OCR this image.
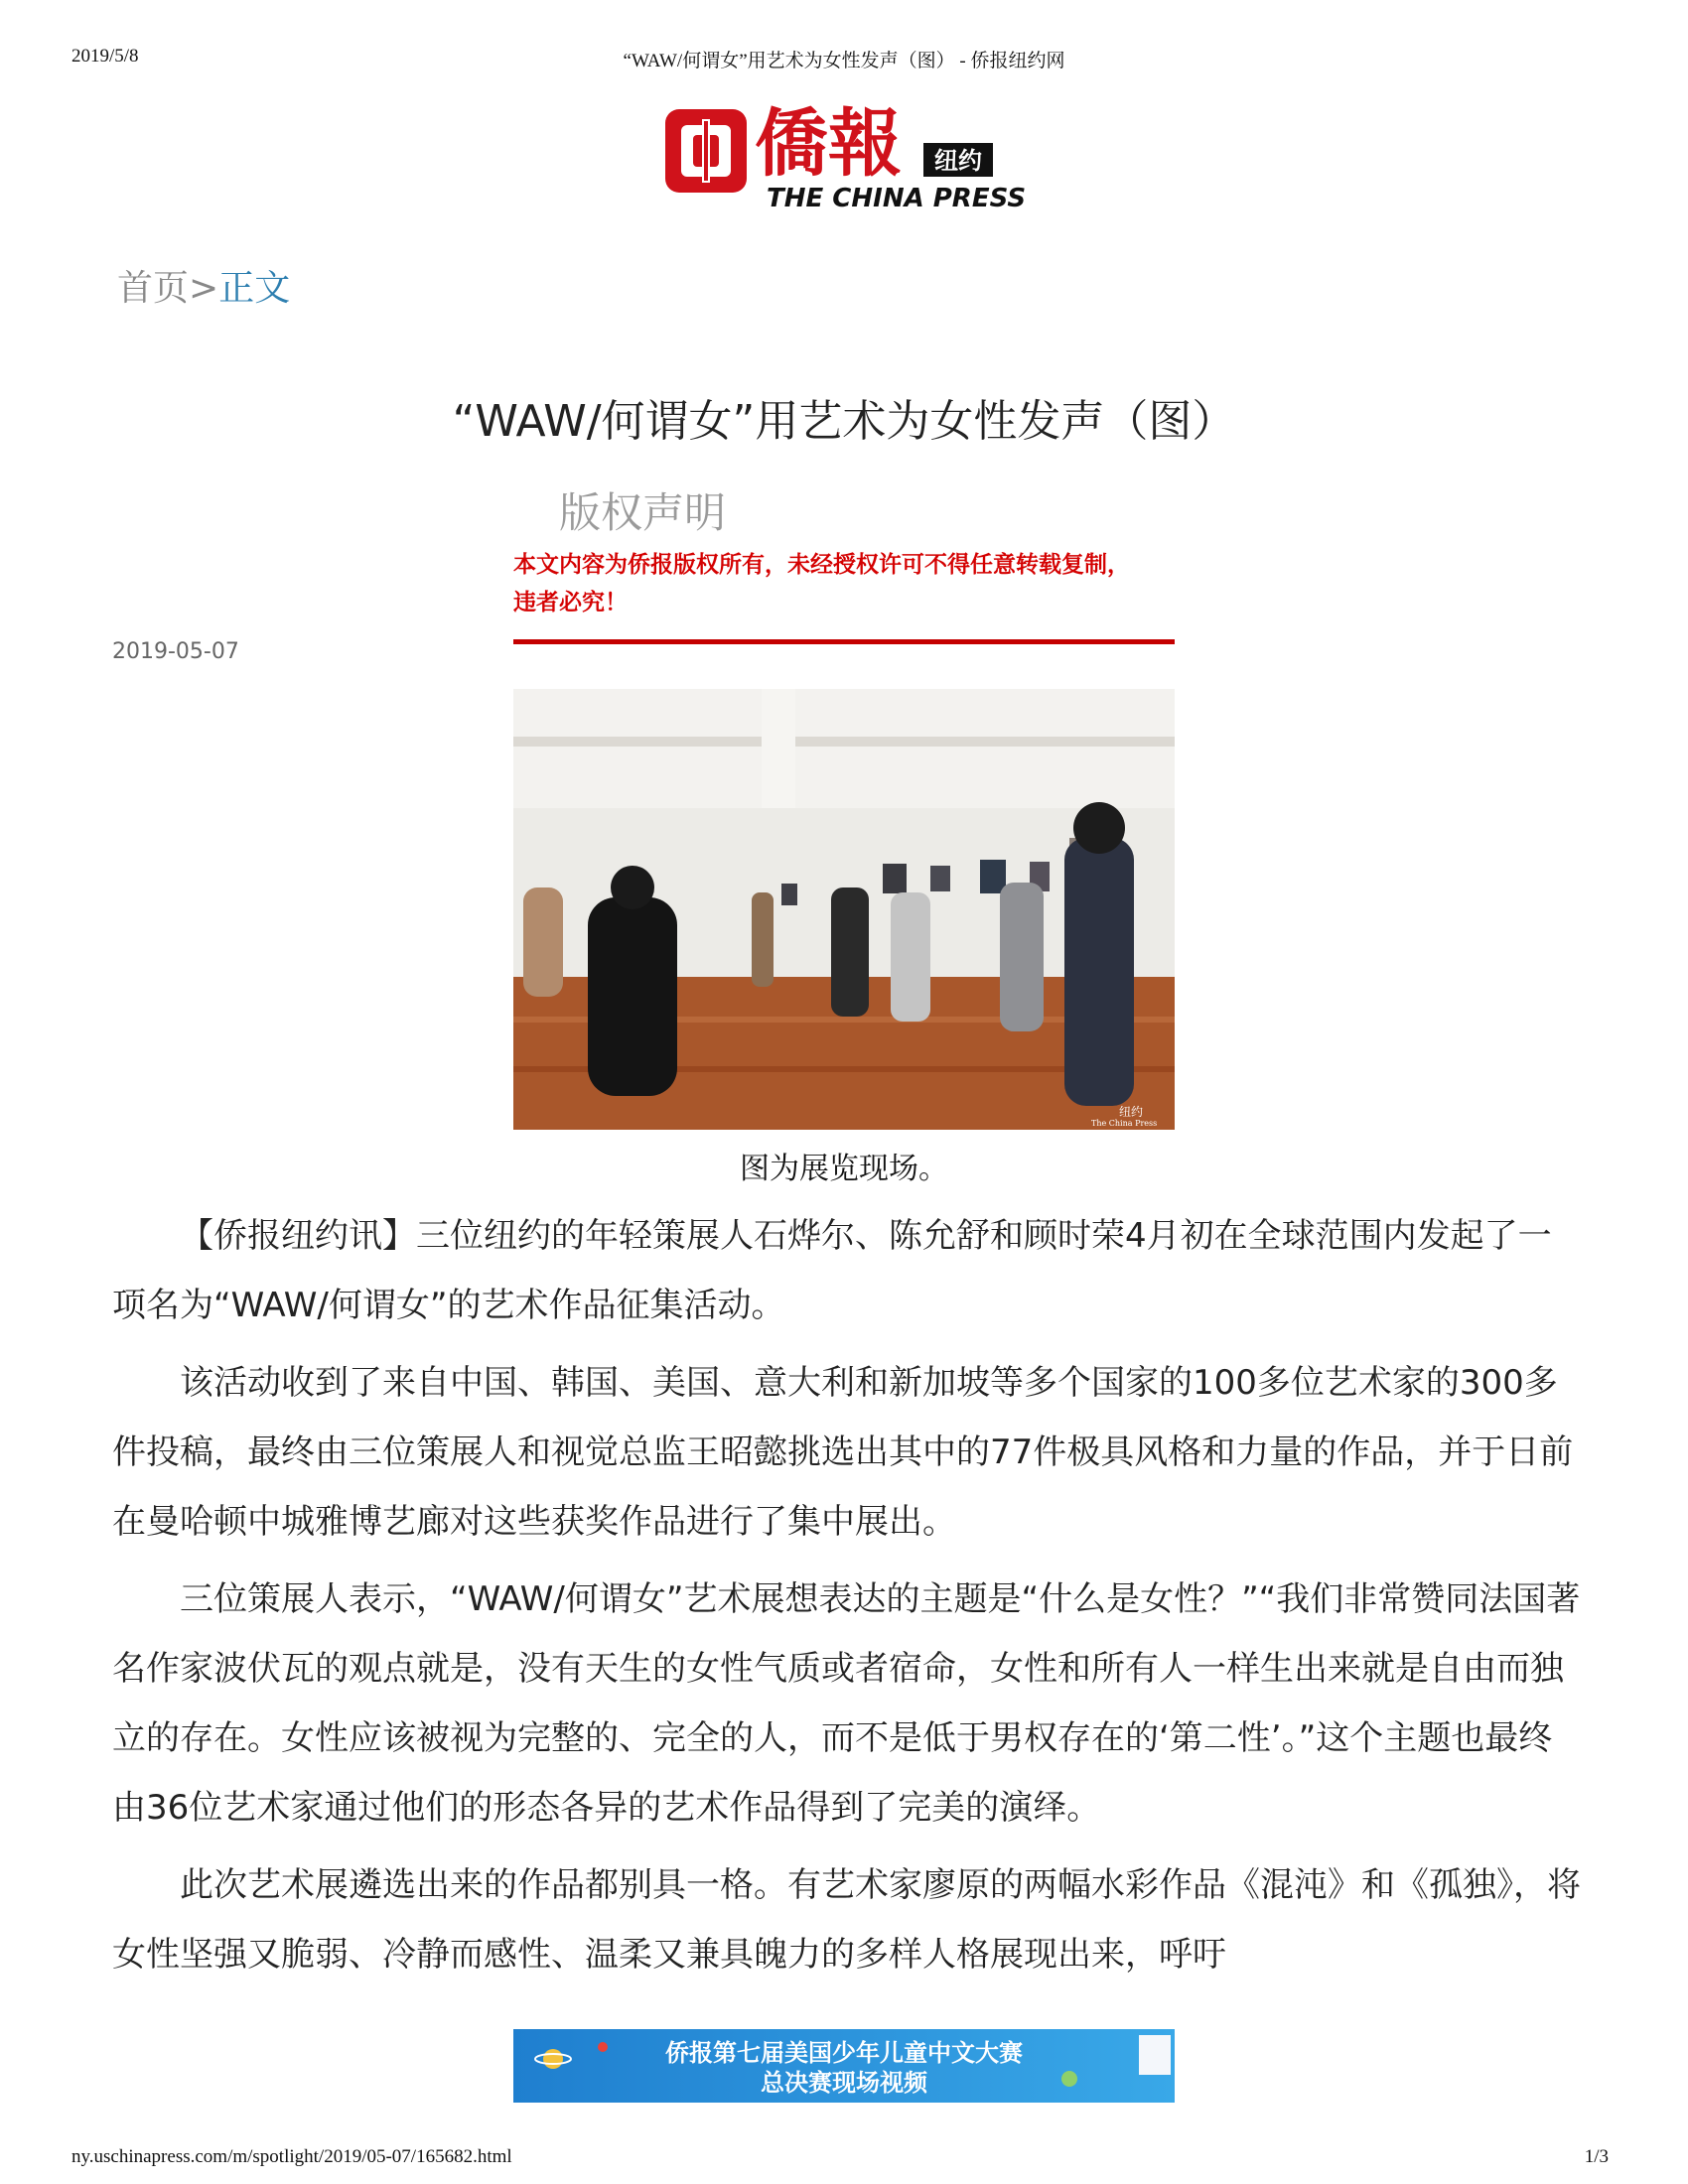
2019/5/8	“WAW/何谓女”用艺术为女性发声（图） - 侨报纽约网
僑報 纽约
THE CHINA PRESS
首页>正文
“WAW/何谓女”用艺术为女性发声（图）
版权声明
本文内容为侨报版权所有，未经授权许可不得任意转载复制，违者必究！
2019-05-07
纽约
The China Press
图为展览现场。

【侨报纽约讯】三位纽约的年轻策展人石烨尔、陈允舒和顾时荣4月初在全球范围内发起了一项名为“WAW/何谓女”的艺术作品征集活动。

该活动收到了来自中国、韩国、美国、意大利和新加坡等多个国家的100多位艺术家的300多件投稿，最终由三位策展人和视觉总监王昭懿挑选出其中的77件极具风格和力量的作品，并于日前在曼哈顿中城雅博艺廊对这些获奖作品进行了集中展出。

三位策展人表示，“WAW/何谓女”艺术展想表达的主题是“什么是女性？”“我们非常赞同法国著名作家波伏瓦的观点就是，没有天生的女性气质或者宿命，女性和所有人一样生出来就是自由而独立的存在。女性应该被视为完整的、完全的人，而不是低于男权存在的‘第二性’。”这个主题也最终由36位艺术家通过他们的形态各异的艺术作品得到了完美的演绎。

此次艺术展遴选出来的作品都别具一格。有艺术家廖原的两幅水彩作品《混沌》和《孤独》，将女性坚强又脆弱、冷静而感性、温柔又兼具魄力的多样人格展现出来，呼吁

侨报第七届美国少年儿童中文大赛
总决赛现场视频
ny.uschinapress.com/m/spotlight/2019/05-07/165682.html	1/3
